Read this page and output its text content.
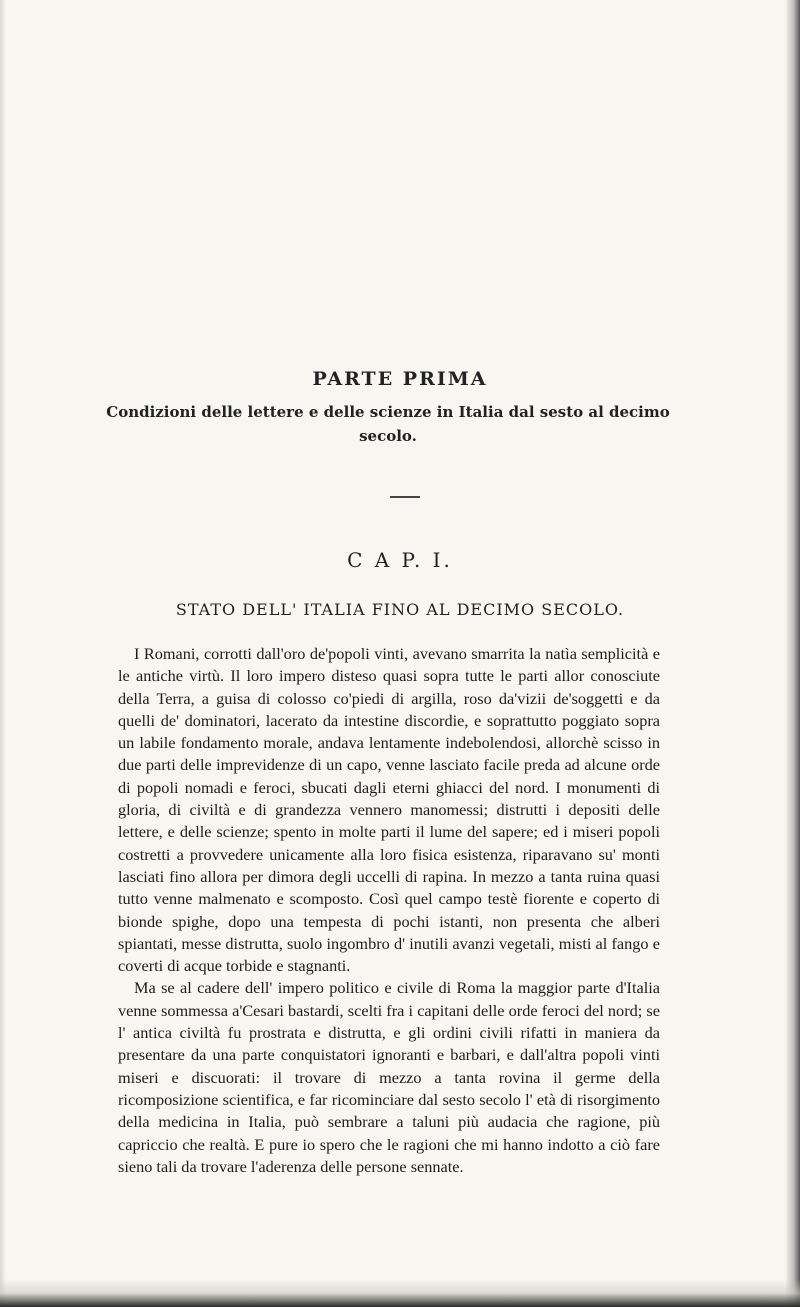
PARTE PRIMA
Condizioni delle lettere e delle scienze in Italia dal sesto al decimo secolo.
C A P. I.
STATO DELL' ITALIA FINO AL DECIMO SECOLO.

I Romani, corrotti dall'oro de'popoli vinti, avevano smarrita la natìa semplicità e le antiche virtù. Il loro impero disteso quasi sopra tutte le parti allor conosciute della Terra, a guisa di colosso co'piedi di argilla, roso da'vizii de'soggetti e da quelli de' dominatori, lacerato da intestine discordie, e soprattutto poggiato sopra un labile fondamento morale, andava lentamente indebolendosi, allorchè scisso in due parti delle imprevidenze di un capo, venne lasciato facile preda ad alcune orde di popoli nomadi e feroci, sbucati dagli eterni ghiacci del nord. I monumenti di gloria, di civiltà e di grandezza vennero manomessi; distrutti i depositi delle lettere, e delle scienze; spento in molte parti il lume del sapere; ed i miseri popoli costretti a provvedere unicamente alla loro fisica esistenza, riparavano su' monti lasciati fino allora per dimora degli uccelli di rapina. In mezzo a tanta ruina quasi tutto venne malmenato e scomposto. Così quel campo testè fiorente e coperto di bionde spighe, dopo una tempesta di pochi istanti, non presenta che alberi spiantati, messe distrutta, suolo ingombro d' inutili avanzi vegetali, misti al fango e coverti di acque torbide e stagnanti.

Ma se al cadere dell' impero politico e civile di Roma la maggior parte d'Italia venne sommessa a'Cesari bastardi, scelti fra i capitani delle orde feroci del nord; se l' antica civiltà fu prostrata e distrutta, e gli ordini civili rifatti in maniera da presentare da una parte conquistatori ignoranti e barbari, e dall'altra popoli vinti miseri e discuorati: il trovare di mezzo a tanta rovina il germe della ricomposizione scientifica, e far ricominciare dal sesto secolo l' età di risorgimento della medicina in Italia, può sembrare a taluni più audacia che ragione, più capriccio che realtà. E pure io spero che le ragioni che mi hanno indotto a ciò fare sieno tali da trovare l'aderenza delle persone sennate.
